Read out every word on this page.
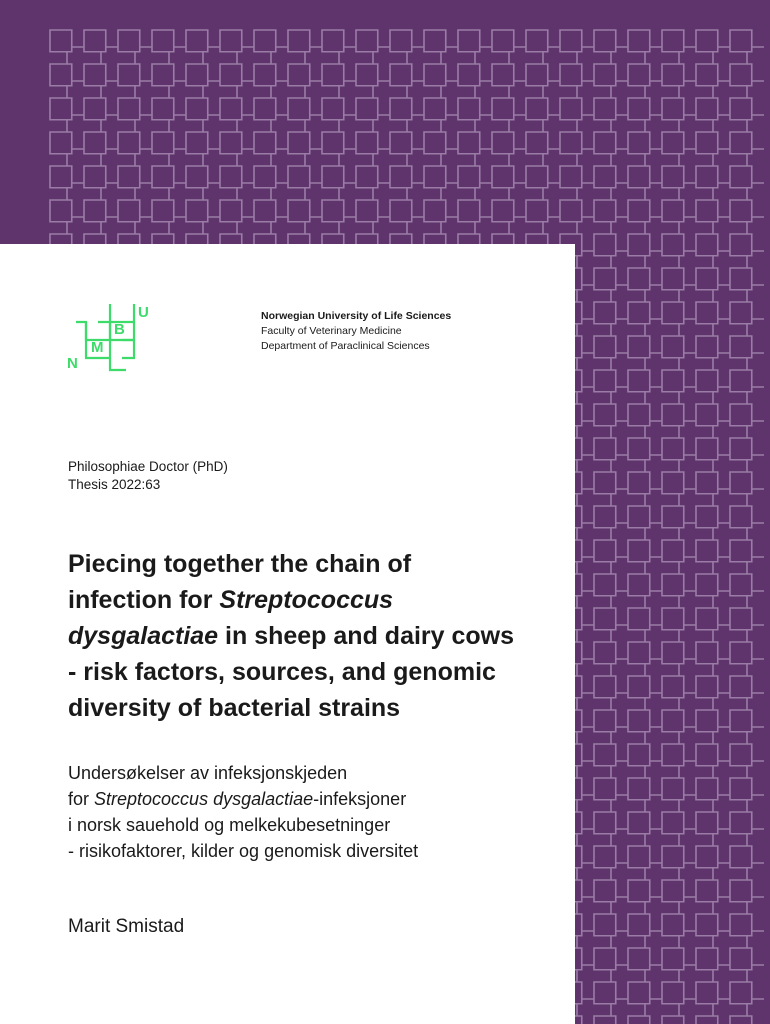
N
M
B
U	Norwegian University of Life Sciences
Faculty of Veterinary Medicine
Department of Paraclinical Sciences
Philosophiae Doctor (PhD)
Thesis 2022:63
Piecing together the chain of
infection for Streptococcus
dysgalactiae in sheep and dairy cows
- risk factors, sources, and genomic
diversity of bacterial strains
Undersøkelser av infeksjonskjeden
for Streptococcus dysgalactiae-infeksjoner
i norsk sauehold og melkekubesetninger
- risikofaktorer, kilder og genomisk diversitet
Marit Smistad
